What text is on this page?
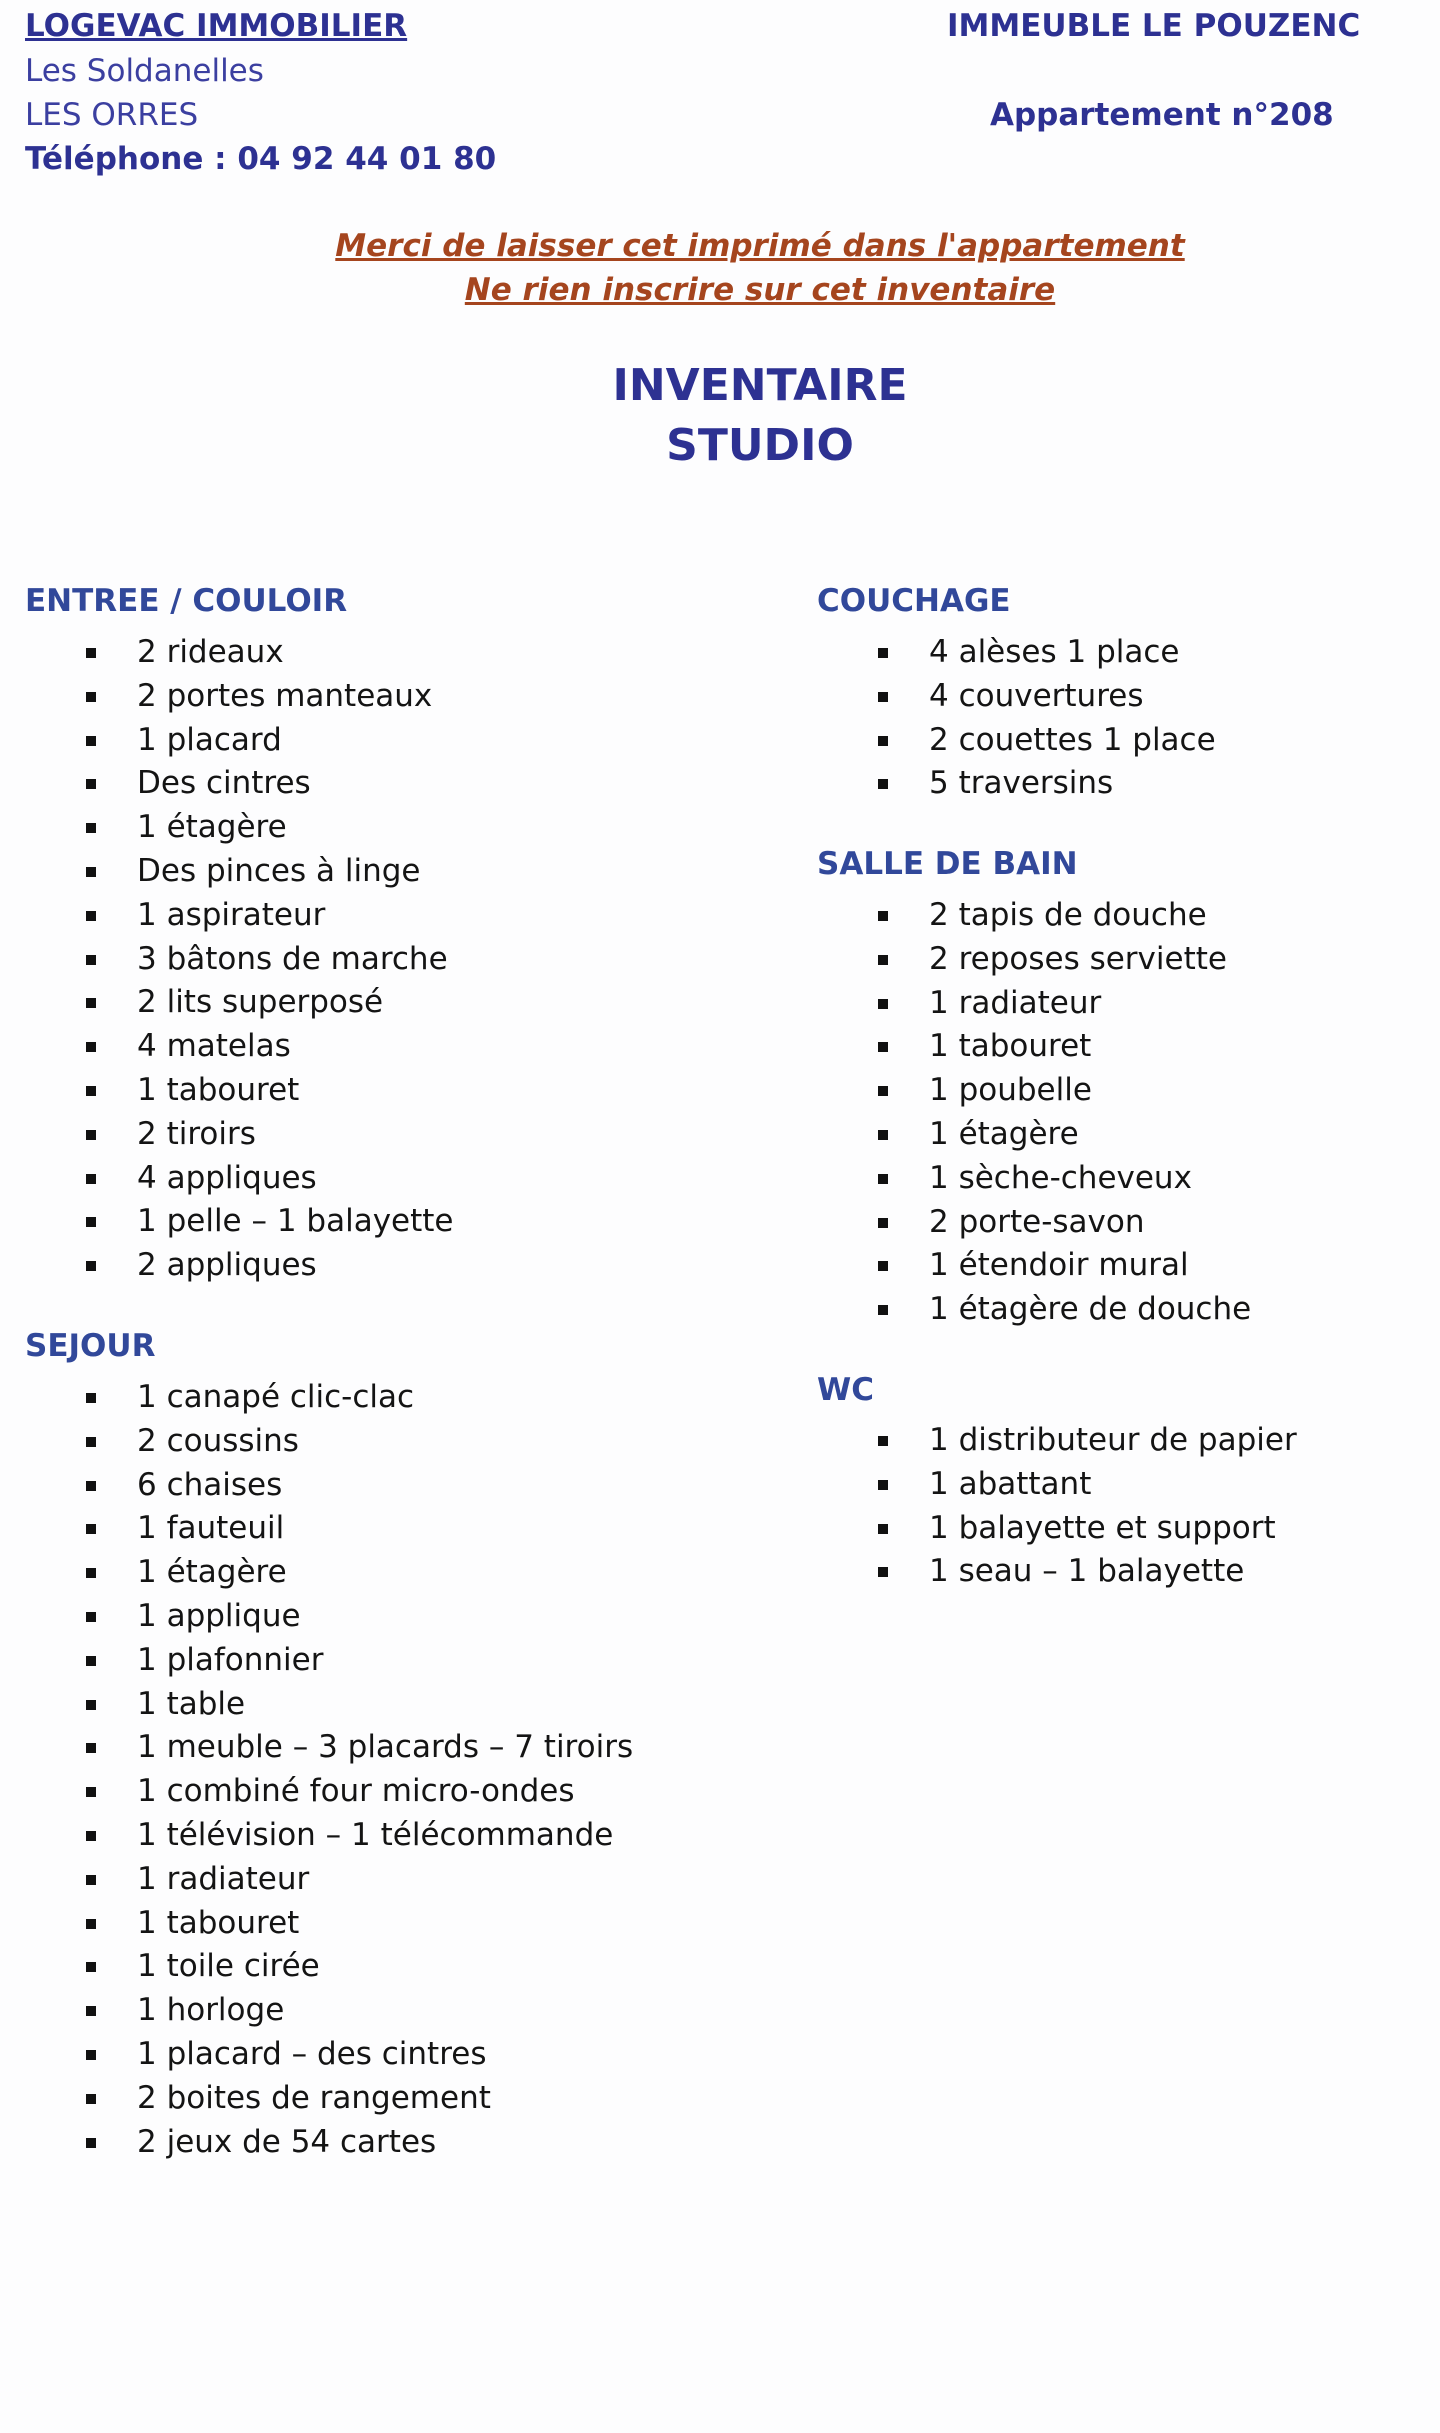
LOGEVAC IMMOBILIER

Les Soldanelles

LES ORRES

Téléphone : 04 92 44 01 80

IMMEUBLE LE POUZENC

Appartement n°208

Merci de laisser cet imprimé dans l'appartement

Ne rien inscrire sur cet inventaire

INVENTAIRE

STUDIO

ENTREE / COULOIR
2 rideaux
2 portes manteaux
1 placard
Des cintres
1 étagère
Des pinces à linge
1 aspirateur
3 bâtons de marche
2 lits superposé
4 matelas
1 tabouret
2 tiroirs
4 appliques
1 pelle – 1 balayette
2 appliques
SEJOUR
1 canapé clic-clac
2 coussins
6 chaises
1 fauteuil
1 étagère
1 applique
1 plafonnier
1 table
1 meuble – 3 placards – 7 tiroirs
1 combiné four micro-ondes
1 télévision – 1 télécommande
1 radiateur
1 tabouret
1 toile cirée
1 horloge
1 placard – des cintres
2 boites de rangement
2 jeux de 54 cartes
COUCHAGE
4 alèses 1 place
4 couvertures
2 couettes 1 place
5 traversins
SALLE DE BAIN
2 tapis de douche
2 reposes serviette
1 radiateur
1 tabouret
1 poubelle
1 étagère
1 sèche-cheveux
2 porte-savon
1 étendoir mural
1 étagère de douche
WC
1 distributeur de papier
1 abattant
1 balayette et support
1 seau – 1 balayette
